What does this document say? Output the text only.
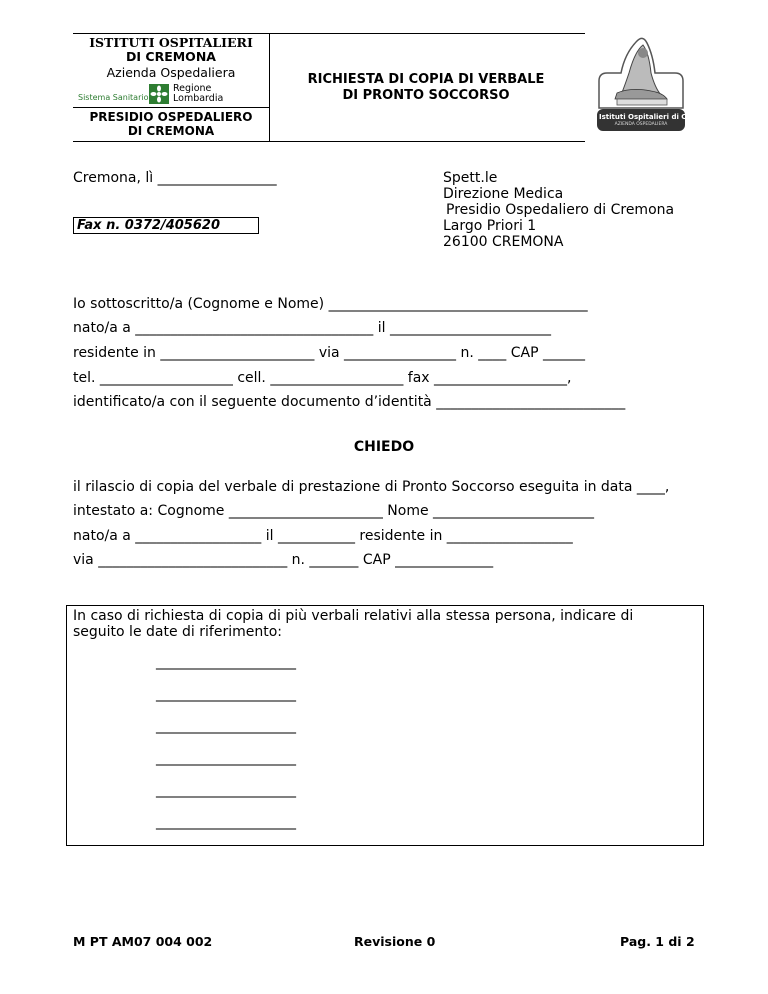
ISTITUTI OSPITALIERI
DI CREMONA
Azienda Ospedaliera
Sistema Sanitario
Regione
Lombardia
PRESIDIO OSPEDALIERO
DI CREMONA
RICHIESTA DI COPIA DI VERBALE
DI PRONTO SOCCORSO
Istituti Ospitalieri di Cremona
AZIENDA OSPEDALIERA
Cremona, lì _________________
Fax n. 0372/405620
Spett.le
Direzione Medica
Presidio Ospedaliero di Cremona
Largo Priori 1
26100 CREMONA
Io sottoscritto/a (Cognome e Nome) _____________________________________
nato/a a __________________________________ il _______________________
residente in ______________________ via ________________ n. ____ CAP ______
tel. ___________________ cell. ___________________ fax ___________________,
identificato/a con il seguente documento d’identità ___________________________
CHIEDO
il rilascio di copia del verbale di prestazione di Pronto Soccorso eseguita in data ____,
intestato a: Cognome ______________________ Nome _______________________
nato/a a __________________ il ___________ residente in __________________
via ___________________________ n. _______ CAP ______________
In caso di richiesta di copia di più verbali relativi alla stessa persona, indicare di
seguito le date di riferimento:
____________________
____________________
____________________
____________________
____________________
____________________
M PT AM07 004 002	Revisione 0	Pag. 1 di 2
